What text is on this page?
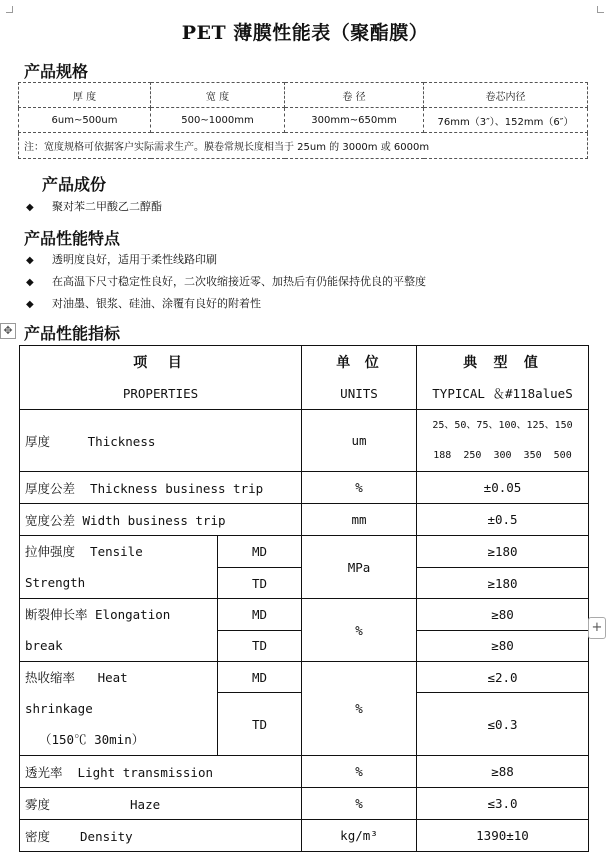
PET 薄膜性能表（聚酯膜）
产品规格
厚 度	宽 度	卷 径	卷芯内径
6um~500um	500~1000mm	300mm~650mm	76mm（3″）、152mm（6″）
注：宽度规格可依据客户实际需求生产。膜卷常规长度相当于 25um 的 3000m 或 6000m			
产品成份
◆ 聚对苯二甲酸乙二醇酯
产品性能特点
◆ 透明度良好，适用于柔性线路印刷
◆ 在高温下尺寸稳定性良好，二次收缩接近零、加热后有仍能保持优良的平整度
◆ 对油墨、银浆、硅油、涂覆有良好的附着性
✥ 产品性能指标
项 目		单 位	典 型 值
PROPERTIES		UNITS	TYPICAL ＆#118alueS
厚度 Thickness		um	25、50、75、100、125、150
188  250  300  350  500

厚度公差  Thickness business trip		%	±0.05
宽度公差 Width business trip		mm	±0.5

拉伸强度  Tensile
Strength	MD	MPa	≥180
	TD		≥180

断裂伸长率 Elongation
break	MD	%	≥80
	TD		≥80

热收缩率   Heat
shrinkage
（150℃ 30min）	MD	%	≤2.0
	TD		≤0.3
透光率  Light transmission		%	≥88
雾度 Haze		%	≤3.0
密度 Density		kg/m³	1390±10
+
